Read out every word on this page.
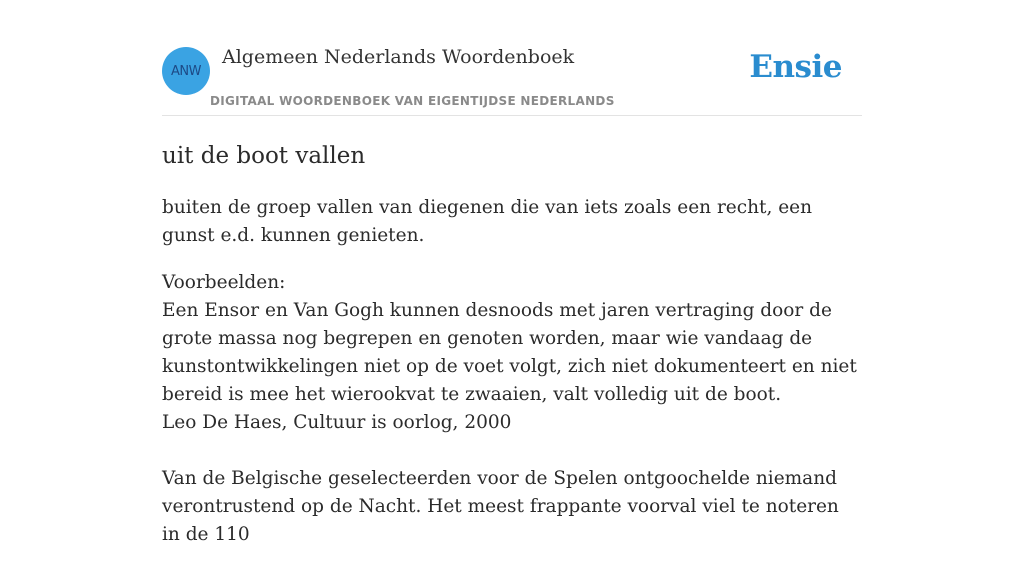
ANW
Algemeen Nederlands Woordenboek
DIGITAAL WOORDENBOEK VAN EIGENTIJDSE NEDERLANDS
Ensie
uit de boot vallen

buiten de groep vallen van diegenen die van iets zoals een recht, een gunst e.d. kunnen genieten.

Voorbeelden:

Een Ensor en Van Gogh kunnen desnoods met jaren vertraging door de grote massa nog begrepen en genoten worden, maar wie vandaag de kunstontwikkelingen niet op de voet volgt, zich niet dokumenteert en niet bereid is mee het wierookvat te zwaaien, valt volledig uit de boot.

Leo De Haes, Cultuur is oorlog, 2000

Van de Belgische geselecteerden voor de Spelen ontgoochelde niemand verontrustend op de Nacht. Het meest frappante voorval viel te noteren in de 110
